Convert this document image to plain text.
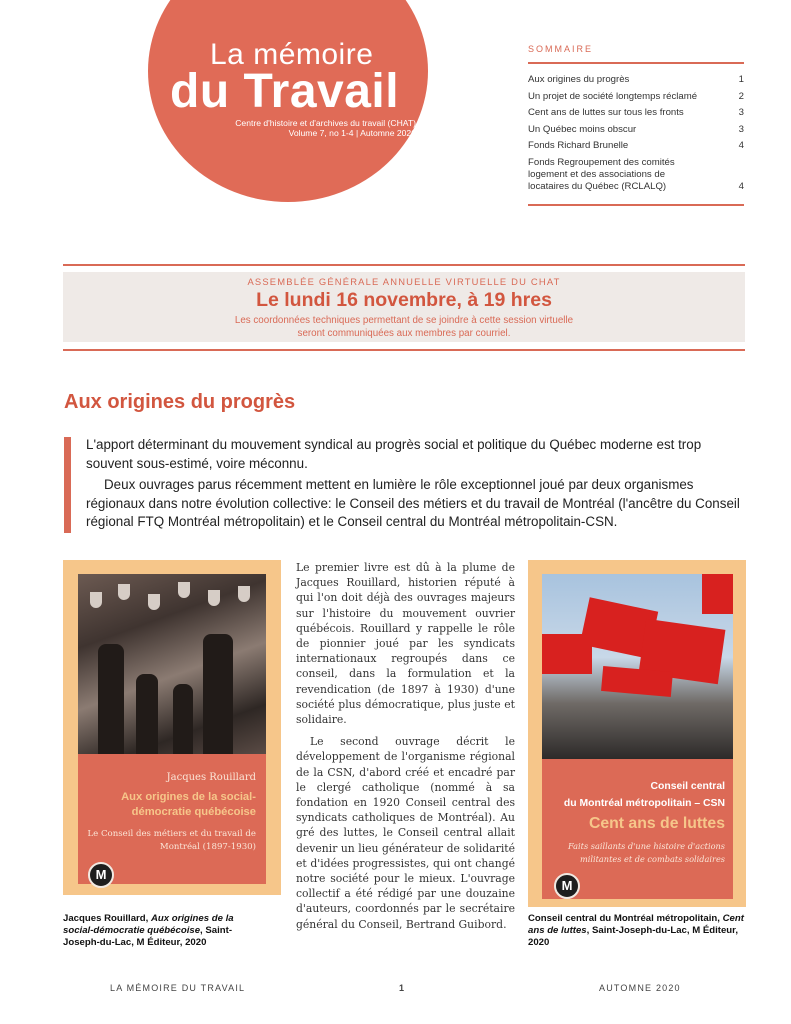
La mémoire
du Travail
Centre d'histoire et d'archives du travail (CHAT)
Volume 7, no 1-4 | Automne 2020
SOMMAIRE
Aux origines du progrès	1
Un projet de société longtemps réclamé	2
Cent ans de luttes sur tous les fronts	3
Un Québec moins obscur	3
Fonds Richard Brunelle	4
Fonds Regroupement des comités logement et des associations de locataires du Québec (RCLALQ)	4
ASSEMBLÉE GÉNÉRALE ANNUELLE VIRTUELLE DU CHAT
Le lundi 16 novembre, à 19 hres
Les coordonnées techniques permettant de se joindre à cette session virtuelle
seront communiquées aux membres par courriel.
Aux origines du progrès

L'apport déterminant du mouvement syndical au progrès social et politique du Québec moderne est trop souvent sous-estimé, voire méconnu.

Deux ouvrages parus récemment mettent en lumière le rôle exceptionnel joué par deux organismes régionaux dans notre évolution collective: le Conseil des métiers et du travail de Montréal (l'ancêtre du Conseil régional FTQ Montréal métropolitain) et le Conseil central du Montréal métropolitain-CSN.

Jacques Rouillard
Aux origines de la social-démocratie québécoise
Le Conseil des métiers et du travail de Montréal (1897-1930)
M
Jacques Rouillard, Aux origines de la social-démocratie québécoise, Saint-Joseph-du-Lac, M Éditeur, 2020

Le premier livre est dû à la plume de Jacques Rouillard, historien réputé à qui l'on doit déjà des ouvrages majeurs sur l'histoire du mouvement ouvrier québécois. Rouillard y rappelle le rôle de pionnier joué par les syndicats internationaux regroupés dans ce conseil, dans la formulation et la revendication (de 1897 à 1930) d'une société plus démocratique, plus juste et solidaire.

Le second ouvrage décrit le développement de l'organisme régional de la CSN, d'abord créé et encadré par le clergé catholique (nommé à sa fondation en 1920 Conseil central des syndicats catholiques de Montréal). Au gré des luttes, le Conseil central allait devenir un lieu générateur de solidarité et d'idées progressistes, qui ont changé notre société pour le mieux. L'ouvrage collectif a été rédigé par une douzaine d'auteurs, coordonnés par le secrétaire général du Conseil, Bertrand Guibord.

Conseil central
du Montréal métropolitain – CSN
Cent ans de luttes
Faits saillants d'une histoire d'actions militantes et de combats solidaires
M
Conseil central du Montréal métropolitain, Cent ans de luttes, Saint-Joseph-du-Lac, M Éditeur, 2020
LA MÉMOIRE DU TRAVAIL	1	AUTOMNE 2020
